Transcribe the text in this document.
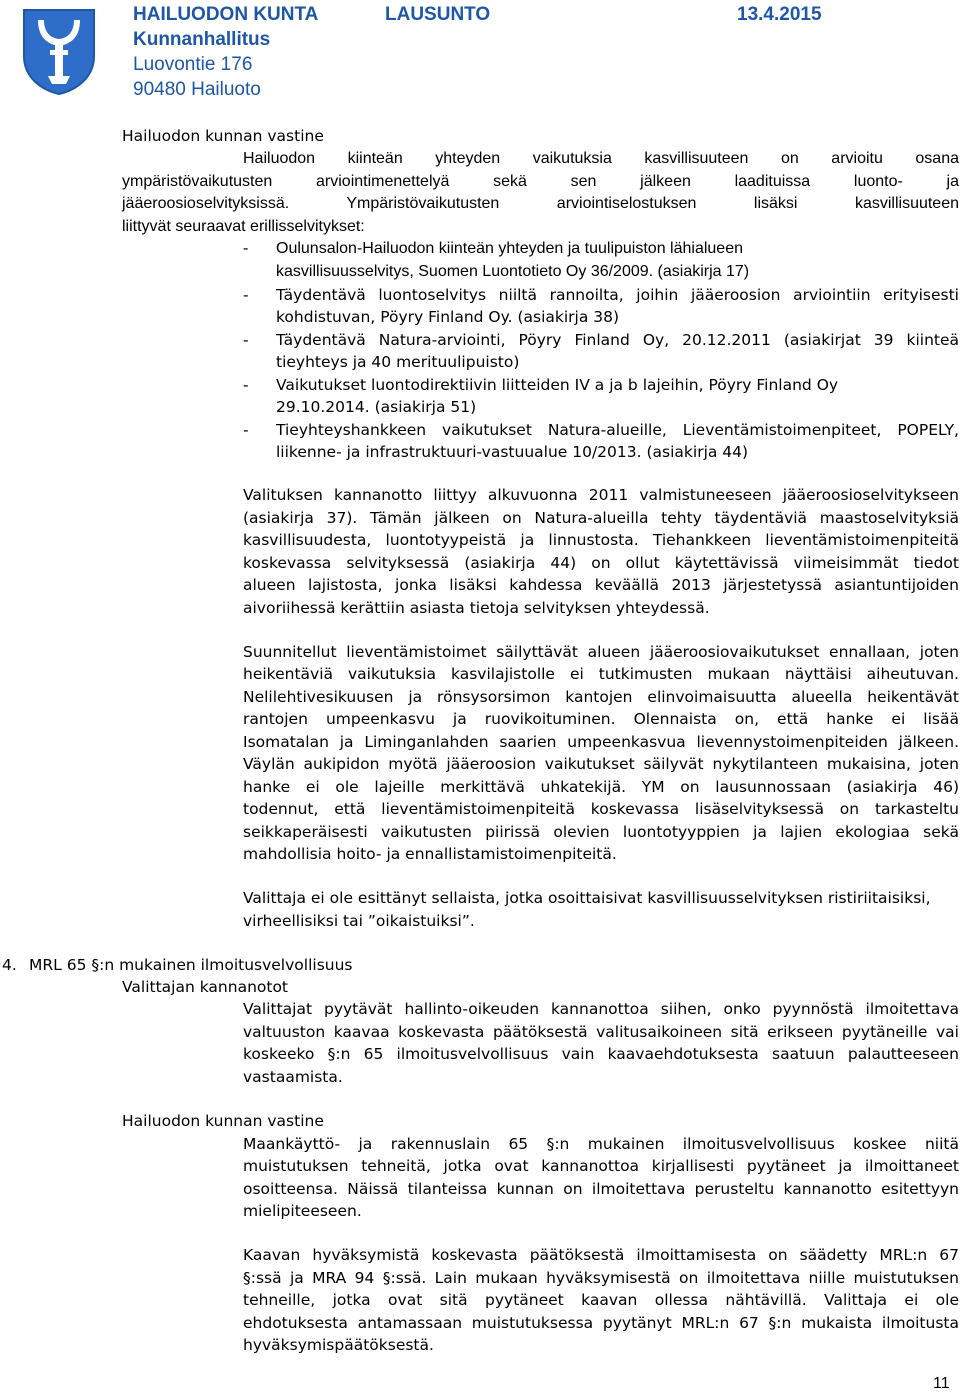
HAILUODON KUNTA
Kunnanhallitus
Luovontie 176
90480 Hailuoto
LAUSUNTO	13.4.2015
Hailuodon kunnan vastine
Hailuodon kiinteän yhteyden vaikutuksia kasvillisuuteen on arvioitu osana
ympäristövaikutusten arviointimenettelyä sekä sen jälkeen laadituissa luonto- ja
jääeroosioselvityksissä. Ympäristövaikutusten arviointiselostuksen lisäksi kasvillisuuteen
liittyvät seuraavat erillisselvitykset:
- Oulunsalon-Hailuodon kiinteän yhteyden ja tuulipuiston lähialueen
kasvillisuusselvitys, Suomen Luontotieto Oy 36/2009. (asiakirja 17)
- Täydentävä luontoselvitys niiltä rannoilta, joihin jääeroosion arviointiin erityisesti
kohdistuvan, Pöyry Finland Oy. (asiakirja 38)
- Täydentävä Natura-arviointi, Pöyry Finland Oy, 20.12.2011 (asiakirjat 39 kiinteä
tieyhteys ja 40 merituulipuisto)
- Vaikutukset luontodirektiivin liitteiden IV a ja b lajeihin, Pöyry Finland Oy
29.10.2014. (asiakirja 51)
- Tieyhteyshankkeen vaikutukset Natura-alueille, Lieventämistoimenpiteet, POPELY,
liikenne- ja infrastruktuuri-vastuualue 10/2013. (asiakirja 44)
Valituksen kannanotto liittyy alkuvuonna 2011 valmistuneeseen jääeroosioselvitykseen
(asiakirja 37). Tämän jälkeen on Natura-alueilla tehty täydentäviä maastoselvityksiä
kasvillisuudesta, luontotyypeistä ja linnustosta. Tiehankkeen lieventämistoimenpiteitä
koskevassa selvityksessä (asiakirja 44) on ollut käytettävissä viimeisimmät tiedot
alueen lajistosta, jonka lisäksi kahdessa keväällä 2013 järjestetyssä asiantuntijoiden
aivoriihessä kerättiin asiasta tietoja selvityksen yhteydessä.
Suunnitellut lieventämistoimet säilyttävät alueen jääeroosiovaikutukset ennallaan, joten
heikentäviä vaikutuksia kasvilajistolle ei tutkimusten mukaan näyttäisi aiheutuvan.
Nelilehtivesikuusen ja rönsysorsimon kantojen elinvoimaisuutta alueella heikentävät
rantojen umpeenkasvu ja ruovikoituminen. Olennaista on, että hanke ei lisää
Isomatalan ja Liminganlahden saarien umpeenkasvua lievennystoimenpiteiden jälkeen.
Väylän aukipidon myötä jääeroosion vaikutukset säilyvät nykytilanteen mukaisina, joten
hanke ei ole lajeille merkittävä uhkatekijä. YM on lausunnossaan (asiakirja 46)
todennut, että lieventämistoimenpiteitä koskevassa lisäselvityksessä on tarkasteltu
seikkaperäisesti vaikutusten piirissä olevien luontotyyppien ja lajien ekologiaa sekä
mahdollisia hoito- ja ennallistamistoimenpiteitä.
Valittaja ei ole esittänyt sellaista, jotka osoittaisivat kasvillisuusselvityksen ristiriitaisiksi,
virheellisiksi tai ”oikaistuiksi”.
4. MRL 65 §:n mukainen ilmoitusvelvollisuus
Valittajan kannanotot
Valittajat pyytävät hallinto-oikeuden kannanottoa siihen, onko pyynnöstä ilmoitettava
valtuuston kaavaa koskevasta päätöksestä valitusaikoineen sitä erikseen pyytäneille vai
koskeeko §:n 65 ilmoitusvelvollisuus vain kaavaehdotuksesta saatuun palautteeseen
vastaamista.
Hailuodon kunnan vastine
Maankäyttö- ja rakennuslain 65 §:n mukainen ilmoitusvelvollisuus koskee niitä
muistutuksen tehneitä, jotka ovat kannanottoa kirjallisesti pyytäneet ja ilmoittaneet
osoitteensa. Näissä tilanteissa kunnan on ilmoitettava perusteltu kannanotto esitettyyn
mielipiteeseen.
Kaavan hyväksymistä koskevasta päätöksestä ilmoittamisesta on säädetty MRL:n 67
§:ssä ja MRA 94 §:ssä. Lain mukaan hyväksymisestä on ilmoitettava niille muistutuksen
tehneille, jotka ovat sitä pyytäneet kaavan ollessa nähtävillä. Valittaja ei ole
ehdotuksesta antamassaan muistutuksessa pyytänyt MRL:n 67 §:n mukaista ilmoitusta
hyväksymispäätöksestä.
11
